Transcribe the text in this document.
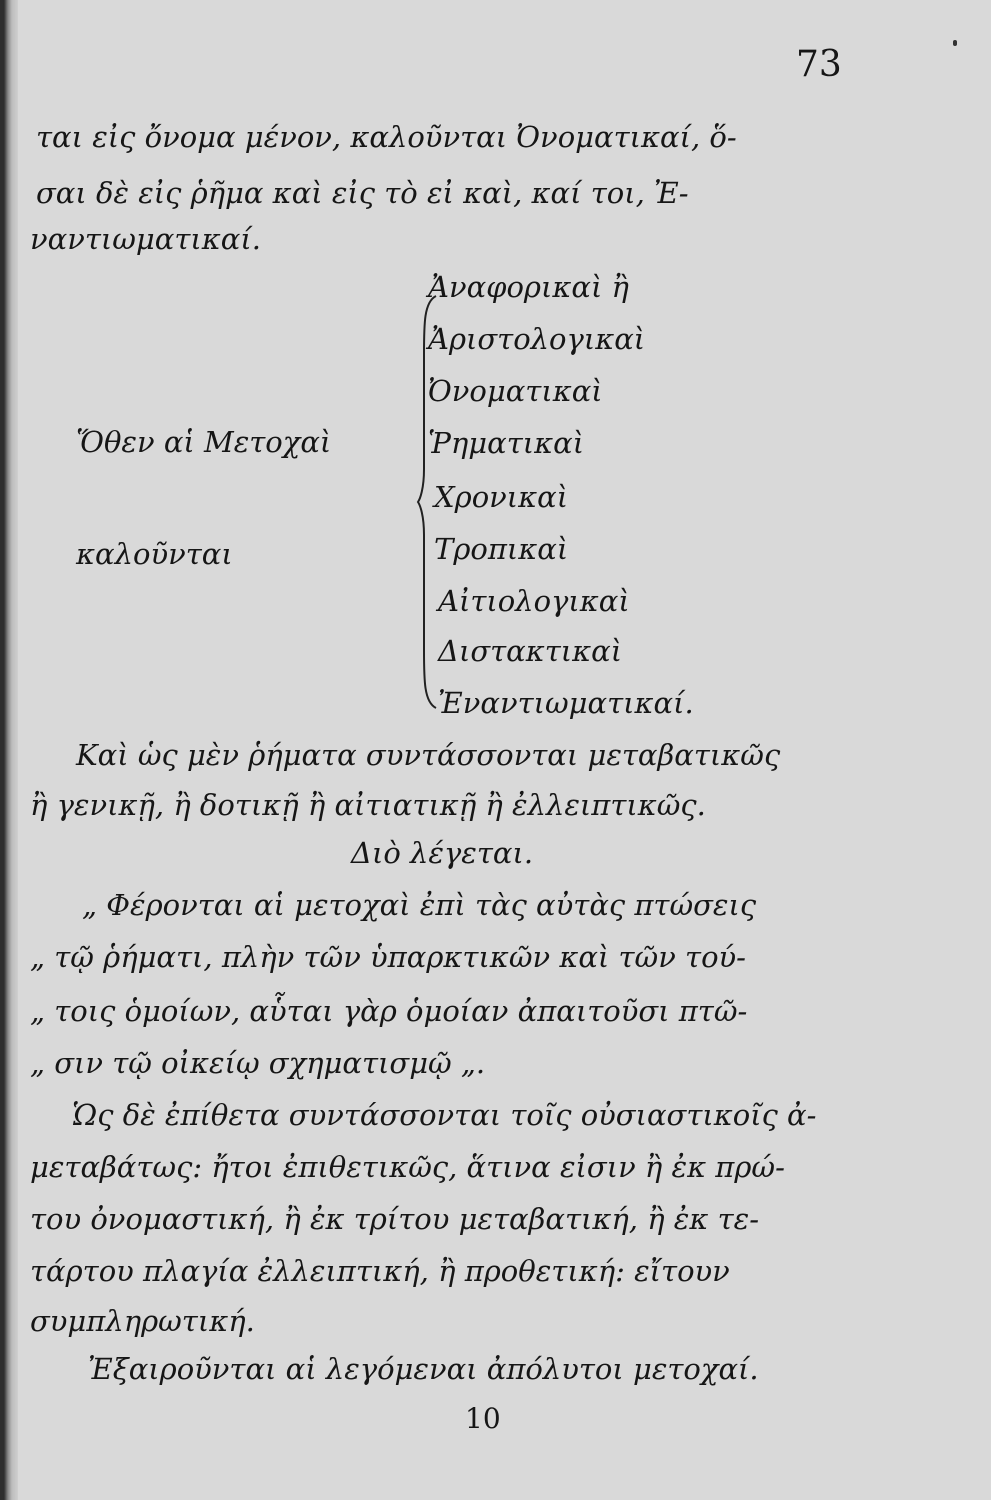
73
ται εἰς ὄνομα μένον, καλοῦνται Ὀνοματικαί, ὅ-
σαι δὲ εἰς ῥῆμα καὶ εἰς τὸ εἰ καὶ, καί τοι, Ἐ-
ναντιωματικαί.
Ὅθεν αἱ Μετοχαὶ
καλοῦνται
Ἀναφορικαὶ ἢ
Ἀριστολογικαὶ
Ὀνοματικαὶ
Ῥηματικαὶ
Χρονικαὶ
Τροπικαὶ
Αἰτιολογικαὶ
Διστακτικαὶ
Ἐναντιωματικαί.
Καὶ ὡς μὲν ῥήματα συντάσσονται μεταβατικῶς
ἢ γενικῇ, ἢ δοτικῇ ἢ αἰτιατικῇ ἢ ἐλλειπτικῶς.
Διὸ λέγεται.
„ Φέρονται αἱ μετοχαὶ ἐπὶ τὰς αὐτὰς πτώσεις
„ τῷ ῥήματι, πλὴν τῶν ὑπαρκτικῶν καὶ τῶν τού-
„ τοις ὁμοίων, αὗται γὰρ ὁμοίαν ἀπαιτοῦσι πτῶ-
„ σιν τῷ οἰκείῳ σχηματισμῷ „.
Ὡς δὲ ἐπίθετα συντάσσονται τοῖς οὐσιαστικοῖς ἀ-
μεταβάτως: ἤτοι ἐπιθετικῶς, ἅτινα εἰσιν ἢ ἐκ πρώ-
του ὀνομαστική, ἢ ἐκ τρίτου μεταβατική, ἢ ἐκ τε-
τάρτου πλαγία ἐλλειπτική, ἢ προθετική: εἴτουν
συμπληρωτική.
Ἐξαιροῦνται αἱ λεγόμεναι ἀπόλυτοι μετοχαί.
10
